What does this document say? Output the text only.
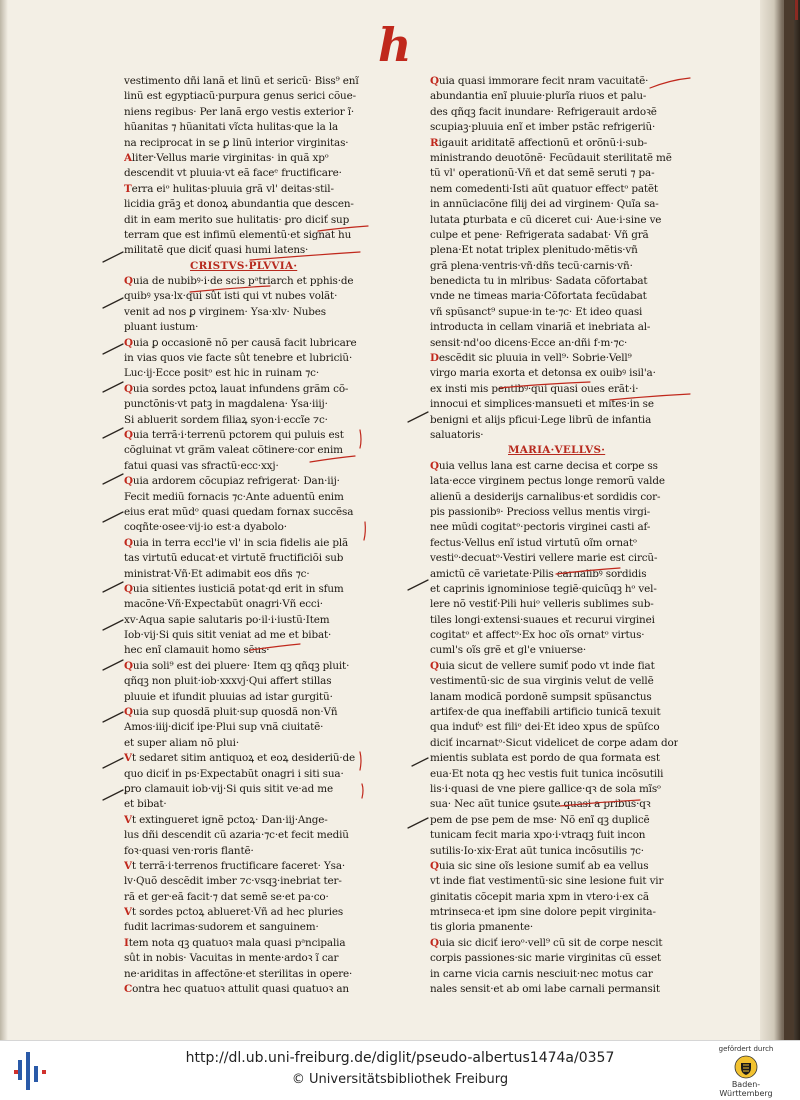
h
vestimento dñi lanã et linũ et sericũ· Biss⁹ enĩ
linũ est egyptiacũ·purpura genus serici cõue-
niens regibus· Per lanã ergo vestis exterior ĩ·
hũanitas ⁊ hũanitati vĩcta hulitas·que la la
na reciprocat in se ꝑ linũ interior virginitas·
Aliter·Vellus marie virginitas· in quã xpᵒ
descendit vt pluuia·vt eã faceᵉ fructificare·
Terra eiᵒ hulitas·pluuia grã vl' deitas·stil-
licidia grãꝫ et donoꝝ abundantia que descen-
dit in eam merito sue hulitatis· ꝑro diciť sup
terram que est infimũ elementũ·et signat hu
militatẽ que diciť quasi humi latens·
CRISTVS·PLVVIA·
Quia de nubibꝰ·i·de scis pᵃtriarch et pphis·de
quibꝰ ysa·lx·qui sût isti qui vt nubes volãt·
venit ad nos ꝑ virginem· Ysa·xlv· Nubes
pluant iustum·
Quia ꝑ occasionẽ nõ per causã facit lubricare
in vias quos vie facte sût tenebre et lubriciũ·
Luc·ij·Ecce positᵒ est hic in ruinam ⁊c·
Quia sordes pctoꝝ lauat infundens grãm cõ-
punctõnis·vt patꝫ in magdalena· Ysa·iiij·
Si abluerit sordem filiaꝝ syon·i·eccĩe ⁊c·
Quia terrã·i·terrenũ pctorem qui puluis est
cõgluinat vt grãm valeat cõtinere·cor enim
fatui quasi vas sfractũ·ecc·xxj·
Quia ardorem cõcupiaz refrigerat· Dan·iij·
Fecit mediũ fornacis ⁊c·Ante aduentũ enim
eius erat mũdᵒ quasi quedam fornax succẽsa
coqñte·osee·vij·io est·a dyabolo·
Quia in terra eccl'ie vl' in scia fidelis aie plã
tas virtutũ educat·et virtutẽ fructificiõi sub
ministrat·Vñ·Et adimabit eos dñs ⁊c·
Quia sitientes iusticiã potat·qd erit in sfum
macõne·Vñ·Expectabũt onagri·Vñ ecci·
xv·Aqua sapie salutaris po·il·i·iustũ·Item
Iob·vij·Si quis sitit veniat ad me et bibat·
hec enĩ clamauit homo sẽus·
Quia soli⁹ est dei pluere· Item qꝫ qñqꝫ pluit·
qñqꝫ non pluit·iob·xxxvj·Qui affert stillas
pluuie et ifundit pluuias ad istar gurgitũ·
Quia sup quosdã pluit·sup quosdã non·Vñ
Amos·iiij·diciť ipe·Plui sup vnã ciuitatẽ·
et super aliam nõ plui·
Vt sedaret sitim antiquoꝝ et eoꝝ desideriũ·de
quo diciť in ps·Expectabũt onagri i siti sua·
ꝑro clamauit iob·vij·Si quis sitit ve·ad me
et bibat·
Vt extingueret ignẽ pctoꝝ· Dan·iij·Ange-
lus dñi descendit cũ azaria·⁊c·et fecit mediũ
foꝛ·quasi ven·roris flantẽ·
Vt terrã·i·terrenos fructificare faceret· Ysa·
lv·Quõ descẽdit imber ⁊c·vsqꝫ·inebriat ter-
rã et ger·eã facit·⁊ dat semẽ se·et pa·co·
Vt sordes pctoꝝ ablueret·Vñ ad hec pluries
fudit lacrimas·sudorem et sanguinem·
Item nota qꝫ quatuoꝛ mala quasi pᵃncipalia
sût in nobis· Vacuitas in mente·ardoꝛ ĩ car
ne·ariditas in affectõne·et sterilitas in opere·
Contra hec quatuoꝛ attulit quasi quatuoꝛ an
Quia quasi immorare fecit nram vacuitatẽ·
abundantia enĩ pluuie·plurĩa riuos et palu-
des qñqꝫ facit inundare· Refrigerauit ardoꝛẽ
scupiaꝫ·pluuia enĩ et imber pstãc refrigeriũ·
Rigauit ariditatẽ affectionũ et orõnũ·i·sub-
ministrando deuotõnẽ· Fecũdauit sterilitatẽ mẽ
tũ vl' operationũ·Vñ et dat semẽ seruti ⁊ pa-
nem comedenti·Isti aũt quatuor effectᵒ patẽt
in annũciacõne filij dei ad virginem· Quĩa sa-
lutata ꝑturbata e cũ diceret cui· Aue·i·sine ve
culpe et pene· Refrigerata sadabat· Vñ grã
plena·Et notat triplex plenitudo·mẽtis·vñ
grã plena·ventris·vñ·dñs tecũ·carnis·vñ·
benedicta tu in mlribus· Sadata cõfortabat
vnde ne timeas maria·Cõfortata fecũdabat
vñ spũsanct⁹ supue·in te·⁊c· Et ideo quasi
introducta in cellam vinariã et inebriata al-
sensit·nd'oo dicens·Ecce an·dñi f·m·⁊c·
Descẽdit sic pluuia in vell⁹· Sobrie·Vell⁹
virgo maria exorta et detonsa ex ouibꝰ isil'a·
ex insti mis pentibꝰ·qui quasi oues erãt·i·
innocui et simplices·mansueti et mites·in se
benigni et alijs pficui·Lege librũ de infantia
saluatoris·
MARIA·VELLVS·
Quia vellus lana est carne decisa et corpe ss
lata·ecce virginem pectus longe remorũ valde
alienũ a desiderijs carnalibus·et sordidis cor-
pis passionibꝰ· Precioss vellus mentis virgi-
nee mũdi cogitatᵒ·pectoris virginei casti af-
fectus·Vellus enĩ istud virtutũ oĩm ornatᵒ
vestiᵒ·decuatᵒ·Vestiri vellere marie est circũ-
amictũ cẽ varietate·Pilis carnalibꝰ sordidis
et caprinis ignominiose tegiẽ·quicũqꝫ hᵒ vel-
lere nõ vestiť·Pili huiᵒ velleris sublimes sub-
tiles longi·extensi·suaues et recurui virginei
cogitatᵒ et affectᵒ·Ex hoc oĩs ornatᵒ virtus·
cuml's oĩs grẽ et gl'e vniuerse·
Quia sicut de vellere sumiť podo vt inde fiat
vestimentũ·sic de sua virginis velut de vellẽ
lanam modicã pordonẽ sumpsit spũsanctus
artifex·de qua ineffabili artificio tunicã texuit
qua induťᵒ est filiᵒ dei·Et ideo xpus de spũſco
diciť incarnatᵒ·Sicut videlicet de corpe adam dor
mientis sublata est pordo de qua formata est
eua·Et nota qꝫ hec vestis fuit tunica incõsutili
lis·i·quasi de vne piere gallice·qꝛ de sola mĩsᵒ
sua· Nec aũt tunice ꝯsute quasi a pribus·qꝛ
pem de pse pem de mse· Nõ enĩ qꝫ duplicẽ
tunicam fecit maria xpo·i·vtraqꝫ fuit incon
sutilis·Io·xix·Erat aũt tunica incõsutilis ⁊c·
Quia sic sine oĩs lesione sumiť ab ea vellus
vt inde fiat vestimentũ·sic sine lesione fuit vir
ginitatis cõcepit maria xpm in vtero·i·ex cã
mtrinseca·et ipm sine dolore pepit virginita-
tis gloria pmanente·
Quia sic diciť ieroᵒ·vell⁹ cũ sit de corpe nescit
corpis passiones·sic marie virginitas cũ esset
in carne vicia carnis nesciuit·nec motus car
nales sensit·et ab omi labe carnali permansit
http://dl.ub.uni-freiburg.de/diglit/pseudo-albertus1474a/0357
© Universitätsbibliothek Freiburg
gefördert durch
Baden-Württemberg
